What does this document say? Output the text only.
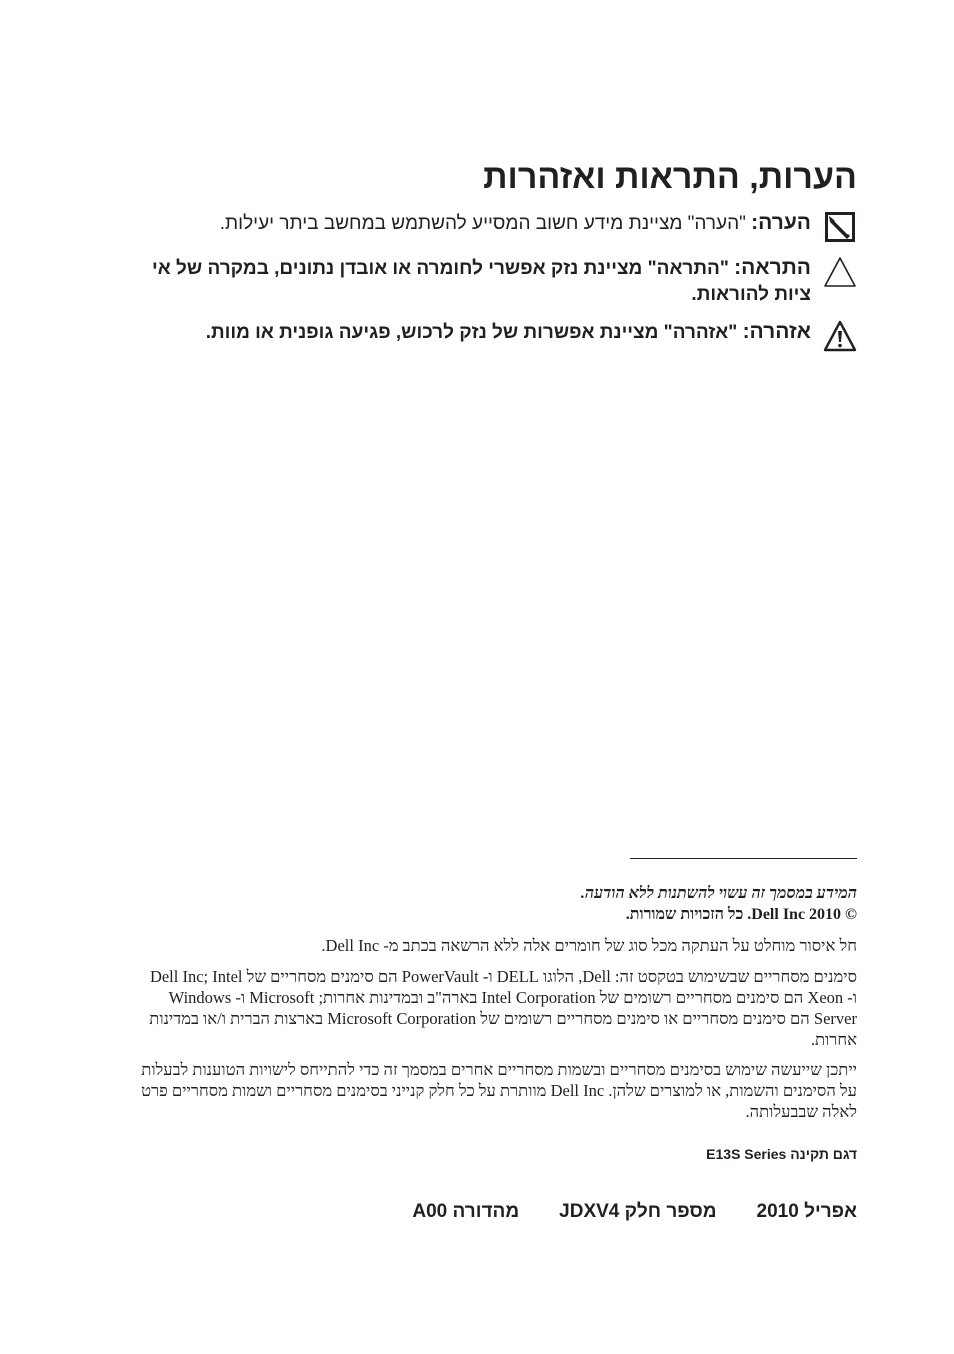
הערות, התראות ואזהרות
הערה: "הערה" מציינת מידע חשוב המסייע להשתמש במחשב ביתר יעילות.
התראה: "התראה" מציינת נזק אפשרי לחומרה או אובדן נתונים, במקרה של אי ציות להוראות.
אזהרה: "אזהרה" מציינת אפשרות של נזק לרכוש, פגיעה גופנית או מוות.
המידע במסמך זה עשוי להשתנות ללא הודעה.
© 2010 Dell Inc. כל הזכויות שמורות.
חל איסור מוחלט על העתקה מכל סוג של חומרים אלה ללא הרשאה בכתב מ- Dell Inc.
סימנים מסחריים שבשימוש בטקסט זה: Dell, הלוגו DELL ו- PowerVault הם סימנים מסחריים של Dell Inc; Intel ו- Xeon הם סימנים מסחריים רשומים של Intel Corporation בארה"ב ובמדינות אחרות; Microsoft ו- Windows Server הם סימנים מסחריים או סימנים מסחריים רשומים של Microsoft Corporation בארצות הברית ו/או במדינות אחרות.
ייתכן שייעשה שימוש בסימנים מסחריים ובשמות מסחריים אחרים במסמך זה כדי להתייחס לישויות הטוענות לבעלות על הסימנים והשמות, או למוצרים שלהן. Dell Inc מוותרת על כל חלק קנייני בסימנים מסחריים ושמות מסחריים פרט לאלה שבבעלותה.
דגם תקינה E13S Series
אפריל 2010
מספר חלק JDXV4
מהדורה A00
